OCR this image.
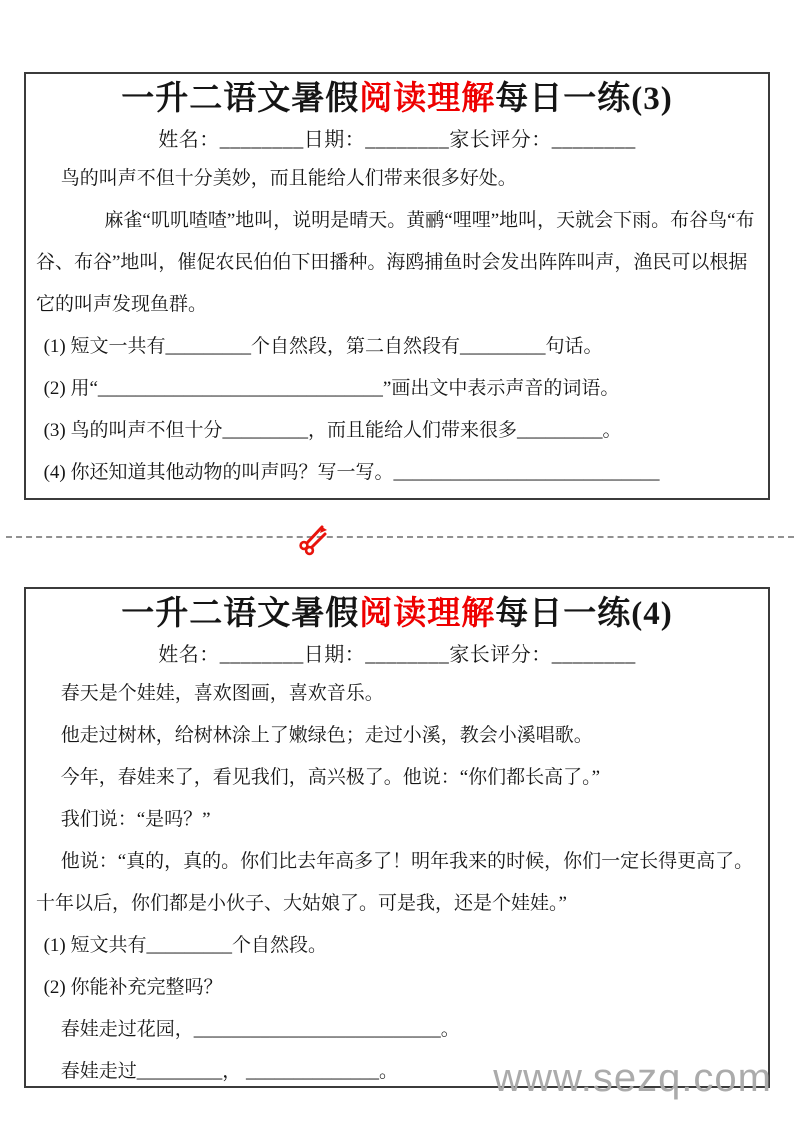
一升二语文暑假阅读理解每日一练(3)
姓名：________日期：________家长评分：________

鸟的叫声不但十分美妙，而且能给人们带来很多好处。

麻雀“叽叽喳喳”地叫，说明是晴天。黄鹂“哩哩”地叫，天就会下雨。布谷鸟“布谷、布谷”地叫，催促农民伯伯下田播种。海鸥捕鱼时会发出阵阵叫声，渔民可以根据它的叫声发现鱼群。

(1) 短文一共有_________个自然段，第二自然段有_________句话。

(2) 用“______________________________”画出文中表示声音的词语。

(3) 鸟的叫声不但十分_________，而且能给人们带来很多_________。

(4) 你还知道其他动物的叫声吗？写一写。____________________________

一升二语文暑假阅读理解每日一练(4)
姓名：________日期：________家长评分：________

春天是个娃娃，喜欢图画，喜欢音乐。

他走过树林，给树林涂上了嫩绿色；走过小溪，教会小溪唱歌。

今年，春娃来了，看见我们，高兴极了。他说：“你们都长高了。”

我们说：“是吗？”

他说：“真的，真的。你们比去年高多了！明年我来的时候，你们一定长得更高了。十年以后，你们都是小伙子、大姑娘了。可是我，还是个娃娃。”

(1) 短文共有_________个自然段。

(2) 你能补充完整吗？

春娃走过花园，__________________________。

春娃走过_________， ______________。	www.sezq.com
